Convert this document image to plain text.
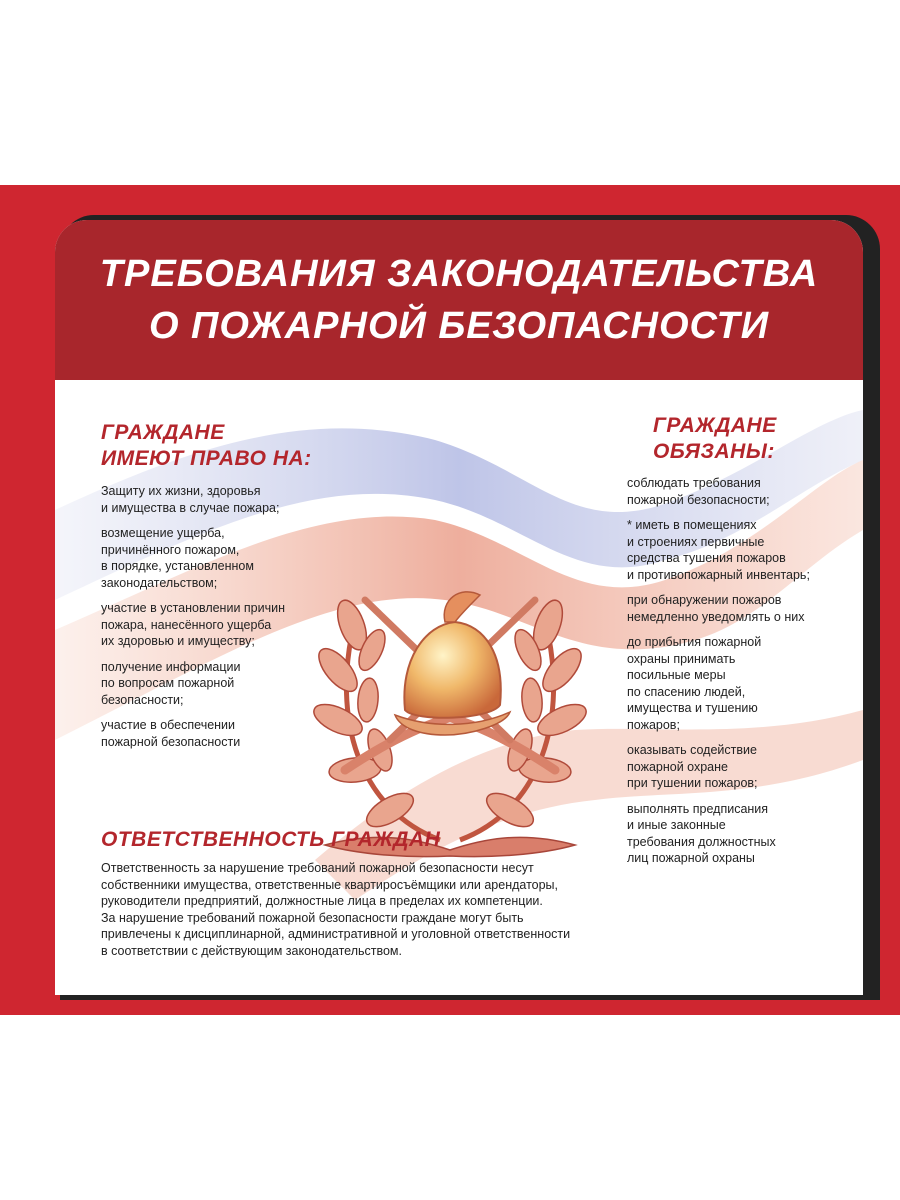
ТРЕБОВАНИЯ ЗАКОНОДАТЕЛЬСТВА
О ПОЖАРНОЙ БЕЗОПАСНОСТИ
ГРАЖДАНЕ
ИМЕЮТ ПРАВО НА:
Защиту их жизни, здоровья
и имущества в случае пожара;
возмещение ущерба,
причинённого пожаром,
в порядке, установленном
законодательством;
участие в установлении причин
пожара, нанесённого ущерба
их здоровью и имуществу;
получение информации
по вопросам пожарной
безопасности;
участие в обеспечении
пожарной безопасности
ГРАЖДАНЕ
ОБЯЗАНЫ:
соблюдать требования
пожарной безопасности;
* иметь в помещениях
и строениях первичные
средства тушения пожаров
и противопожарный инвентарь;
при обнаружении пожаров
немедленно уведомлять о них
до прибытия пожарной
охраны принимать
посильные меры
по спасению людей,
имущества и тушению
пожаров;
оказывать содействие
пожарной охране
при тушении пожаров;
выполнять предписания
и иные законные
требования должностных
лиц пожарной охраны
ОТВЕТСТВЕННОСТЬ ГРАЖДАН
Ответственность за нарушение требований пожарной безопасности несут
собственники имущества, ответственные квартиросъёмщики или арендаторы,
руководители предприятий, должностные лица в пределах их компетенции.
За нарушение требований пожарной безопасности граждане могут быть
привлечены к дисциплинарной, административной и уголовной ответственности
в соответствии с действующим законодательством.
